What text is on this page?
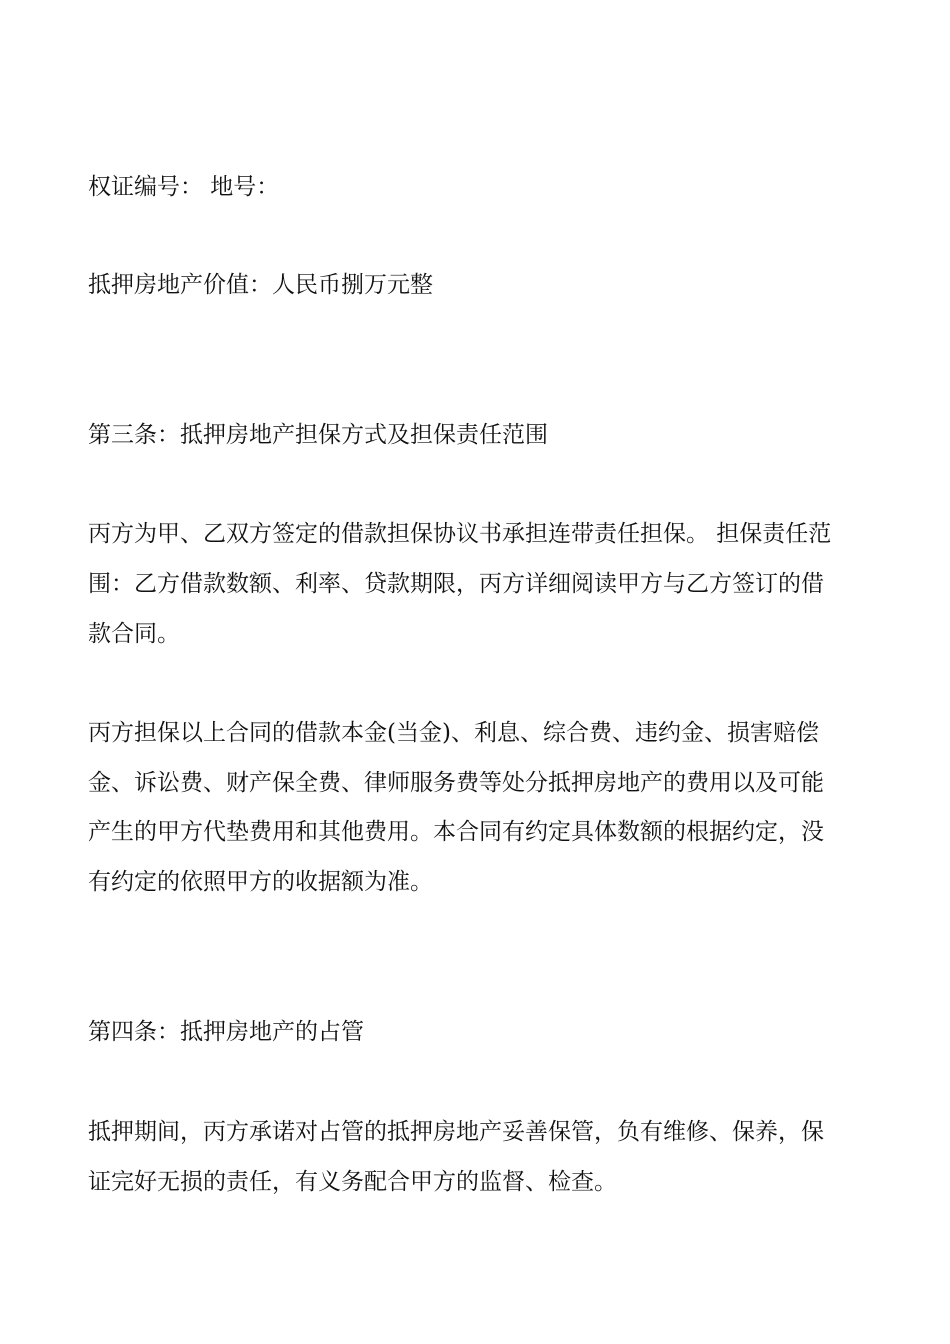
权证编号： 地号：

抵押房地产价值：人民币捌万元整

第三条：抵押房地产担保方式及担保责任范围

丙方为甲、乙双方签定的借款担保协议书承担连带责任担保。 担保责任范

围：乙方借款数额、利率、贷款期限，丙方详细阅读甲方与乙方签订的借

款合同。

丙方担保以上合同的借款本金(当金)、利息、综合费、违约金、损害赔偿

金、诉讼费、财产保全费、律师服务费等处分抵押房地产的费用以及可能

产生的甲方代垫费用和其他费用。本合同有约定具体数额的根据约定，没

有约定的依照甲方的收据额为准。

第四条：抵押房地产的占管

抵押期间，丙方承诺对占管的抵押房地产妥善保管，负有维修、保养，保

证完好无损的责任，有义务配合甲方的监督、检查。
